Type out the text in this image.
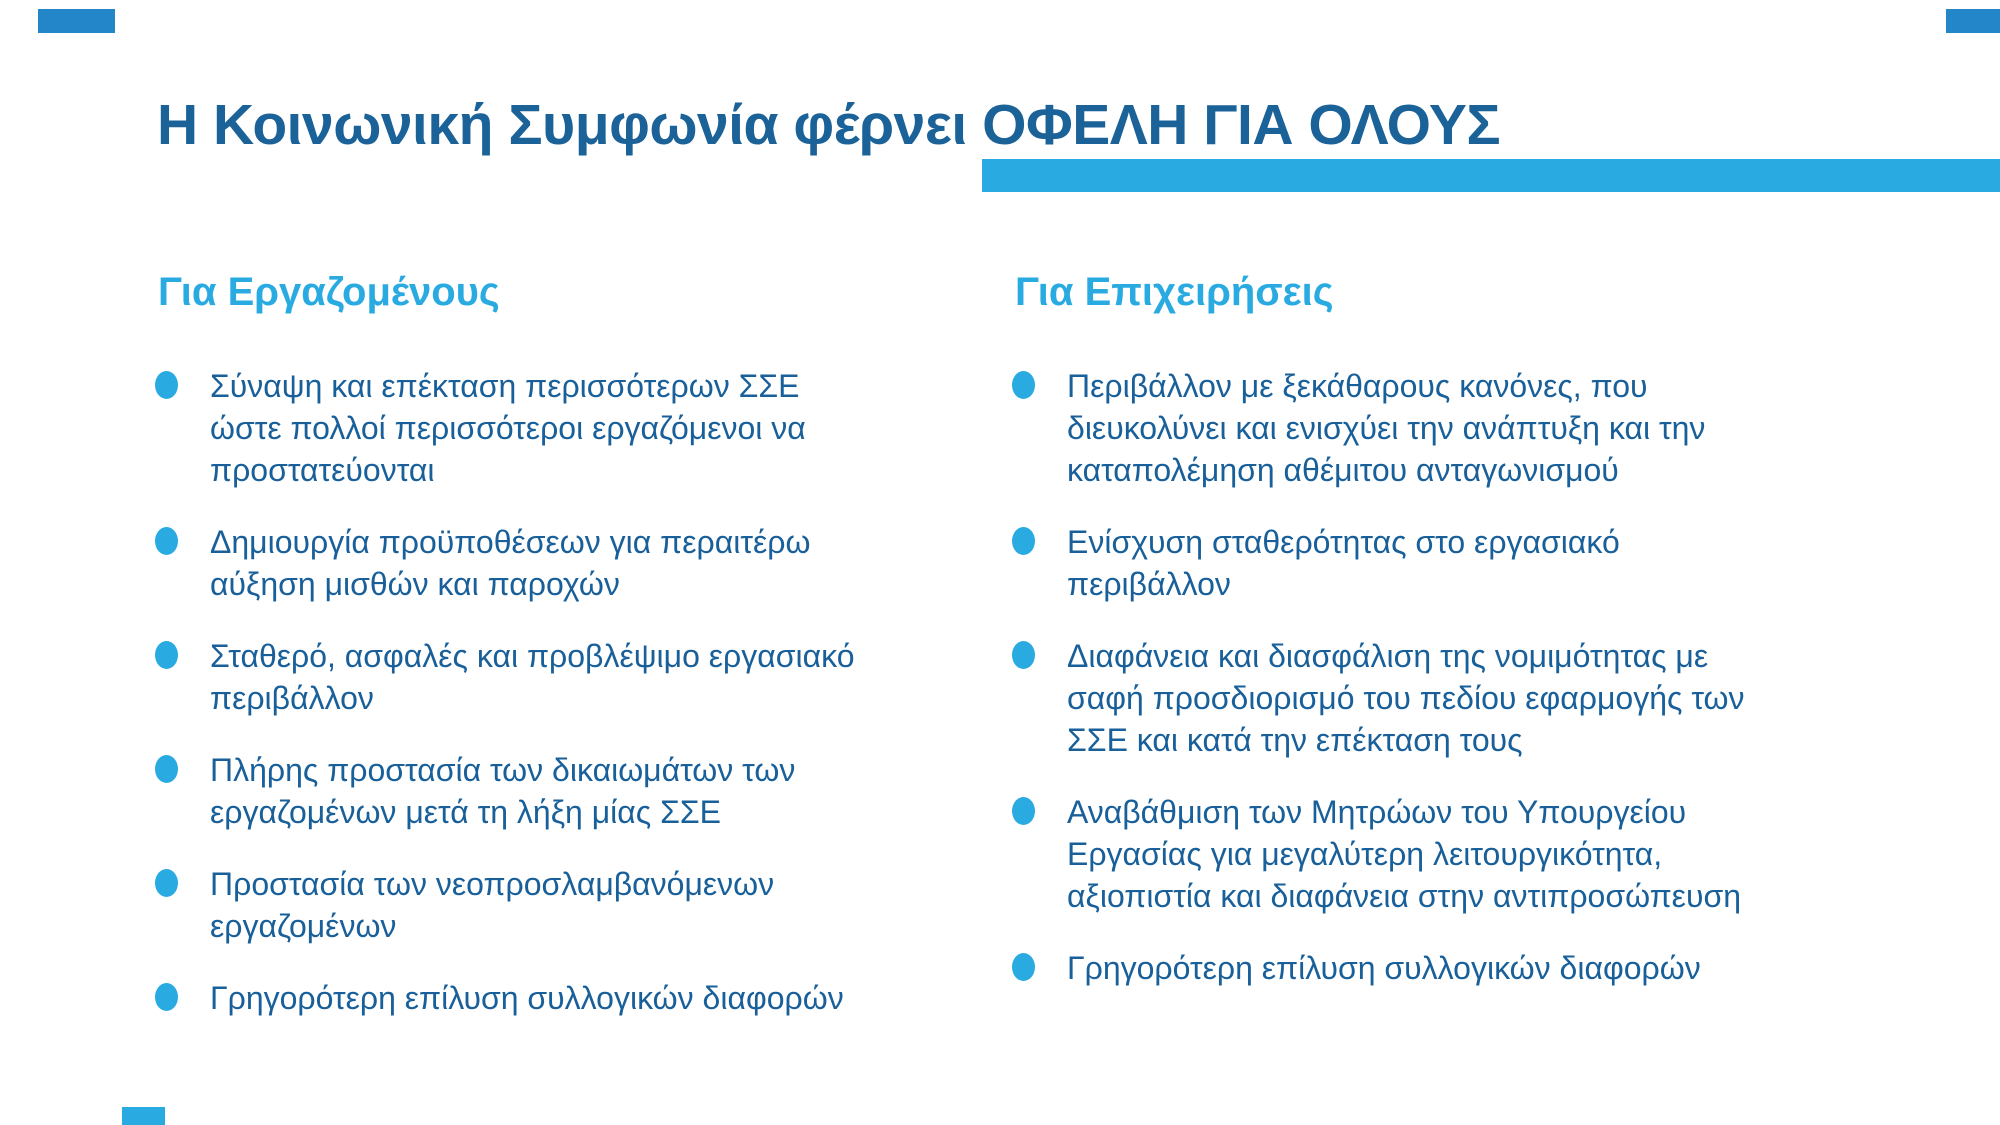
Η Κοινωνική Συμφωνία φέρνει ΟΦΕΛΗ ΓΙΑ ΟΛΟΥΣ
Για Εργαζομένους
Σύναψη και επέκταση περισσότερων ΣΣΕ
ώστε πολλοί περισσότεροι εργαζόμενοι να
προστατεύονται
Δημιουργία προϋποθέσεων για περαιτέρω
αύξηση μισθών και παροχών
Σταθερό, ασφαλές και προβλέψιμο εργασιακό
περιβάλλον
Πλήρης προστασία των δικαιωμάτων των
εργαζομένων μετά τη λήξη μίας ΣΣΕ
Προστασία των νεοπροσλαμβανόμενων
εργαζομένων
Γρηγορότερη επίλυση συλλογικών διαφορών
Για Επιχειρήσεις
Περιβάλλον με ξεκάθαρους κανόνες, που
διευκολύνει και ενισχύει την ανάπτυξη και την
καταπολέμηση αθέμιτου ανταγωνισμού
Ενίσχυση σταθερότητας στο εργασιακό
περιβάλλον
Διαφάνεια και διασφάλιση της νομιμότητας με
σαφή προσδιορισμό του πεδίου εφαρμογής των
ΣΣΕ και κατά την επέκταση τους
Αναβάθμιση των Μητρώων του Υπουργείου
Εργασίας για μεγαλύτερη λειτουργικότητα,
αξιοπιστία και διαφάνεια στην αντιπροσώπευση
Γρηγορότερη επίλυση συλλογικών διαφορών
